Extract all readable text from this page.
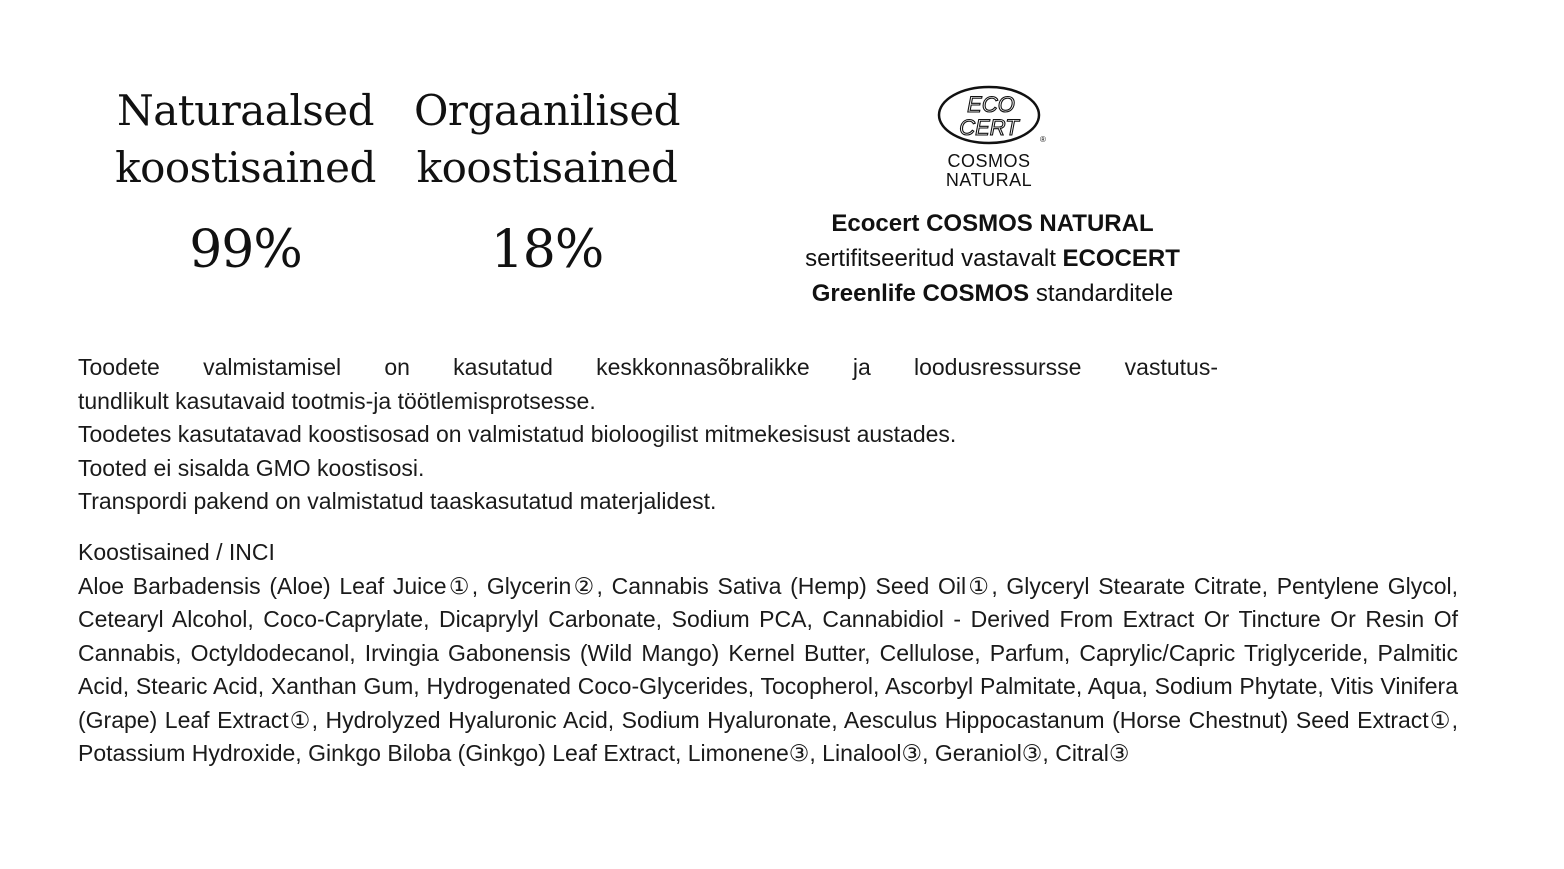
Naturaalsed
koostisained
99%
Orgaanilised
koostisained
18%
ECO
CERT	®
COSMOS
NATURAL
Ecocert COSMOS NATURAL
sertifitseeritud vastavalt ECOCERT
Greenlife COSMOS standarditele

Toodete valmistamisel on kasutatud keskkonnasõbralikke ja loodusressursse vastutus-

tundlikult kasutavaid tootmis-ja töötlemisprotsesse.

Toodetes kasutatavad koostisosad on valmistatud bioloogilist mitmekesisust austades.

Tooted ei sisalda GMO koostisosi.

Transpordi pakend on valmistatud taaskasutatud materjalidest.

Koostisained / INCI

Aloe Barbadensis (Aloe) Leaf Juice①, Glycerin②, Cannabis Sativa (Hemp) Seed Oil①, Glyceryl Stearate Citrate, Pentylene Glycol, Cetearyl Alcohol, Coco-Caprylate, Dicaprylyl Carbonate, Sodium PCA, Cannabidiol - Derived From Extract Or Tincture Or Resin Of Cannabis, Octyldodecanol, Irvingia Gabonensis (Wild Mango) Kernel Butter, Cellulose, Parfum, Caprylic/Capric Triglyceride, Palmitic Acid, Stearic Acid, Xanthan Gum, Hydrogenated Coco-Glycerides, Tocopherol, Ascorbyl Palmitate, Aqua, Sodium Phytate, Vitis Vinifera (Grape) Leaf Extract①, Hydrolyzed Hyaluronic Acid, Sodium Hyaluronate, Aesculus Hippocastanum (Horse Chestnut) Seed Extract①, Potassium Hydroxide, Ginkgo Biloba (Ginkgo) Leaf Extract, Limonene③, Linalool③, Geraniol③, Citral③
